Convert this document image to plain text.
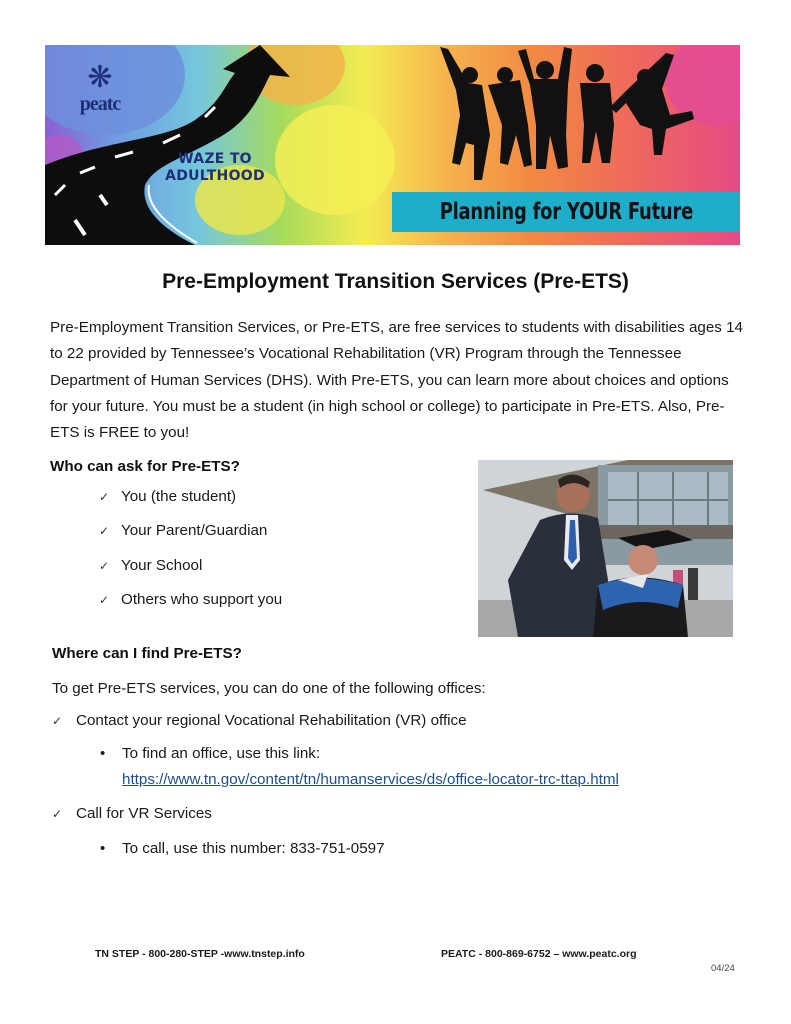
❋
peatc
WAZE TO
ADULTHOOD
Planning for YOUR Future
Pre-Employment Transition Services (Pre-ETS)
Pre-Employment Transition Services, or Pre-ETS, are free services to students with disabilities ages 14 to 22 provided by Tennessee’s Vocational Rehabilitation (VR) Program through the Tennessee Department of Human Services (DHS). With Pre-ETS, you can learn more about choices and options for your future. You must be a student (in high school or college) to participate in Pre-ETS. Also, Pre-ETS is FREE to you!
Who can ask for Pre-ETS?
✓ You (the student)
✓ Your Parent/Guardian
✓ Your School
✓ Others who support you
Where can I find Pre-ETS?
To get Pre-ETS services, you can do one of the following offices:
✓ Contact your regional Vocational Rehabilitation (VR) office
•	To find an office, use this link:
https://www.tn.gov/content/tn/humanservices/ds/office-locator-trc-ttap.html
✓ Call for VR Services
•	To call, use this number: 833-751-0597
TN STEP - 800-280-STEP -www.tnstep.info	PEATC - 800-869-6752 – www.peatc.org
04/24
